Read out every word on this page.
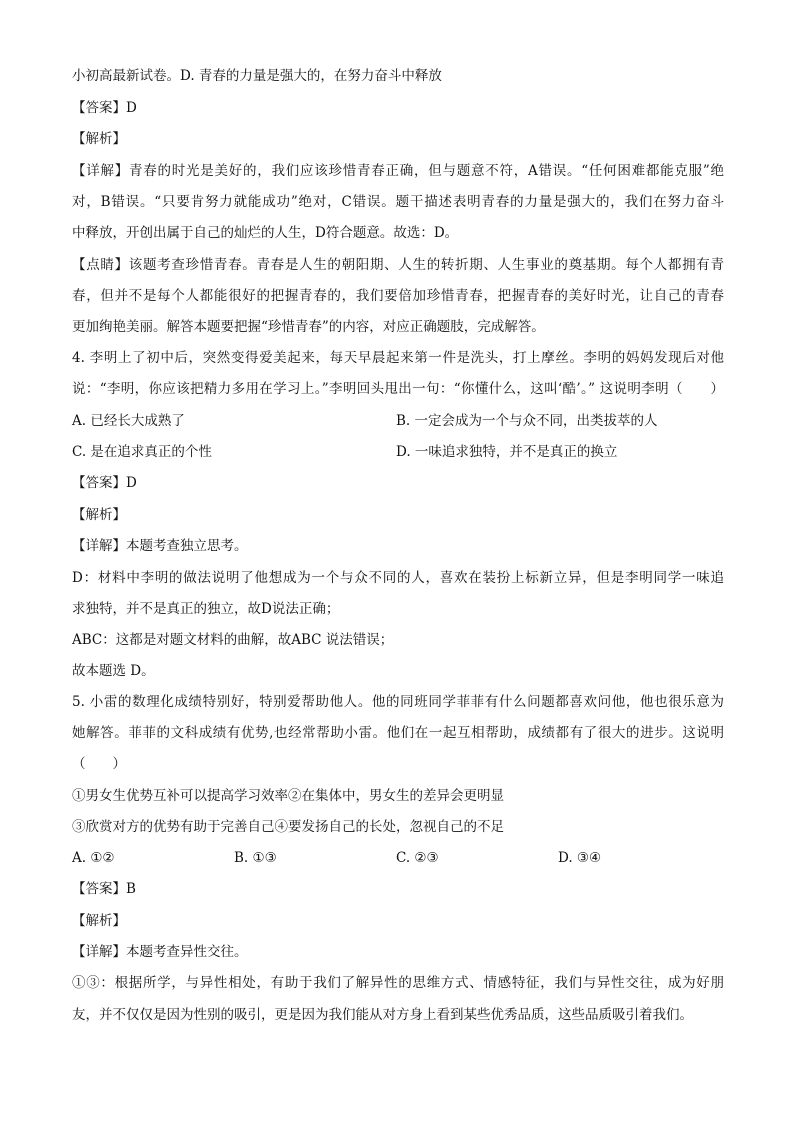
小初高最新试卷。D. 青春的力量是强大的，在努力奋斗中释放
【答案】D
【解析】
【详解】青春的时光是美好的，我们应该珍惜青春正确，但与题意不符，A错误。“任何困难都能克服”绝
对，B错误。“只要肯努力就能成功”绝对，C错误。题干描述表明青春的力量是强大的，我们在努力奋斗
中释放，开创出属于自己的灿烂的人生，D符合题意。故选：D。
【点睛】该题考查珍惜青春。青春是人生的朝阳期、人生的转折期、人生事业的奠基期。每个人都拥有青
春，但并不是每个人都能很好的把握青春的，我们要倍加珍惜青春，把握青春的美好时光，让自己的青春
更加绚艳美丽。解答本题要把握“珍惜青春”的内容，对应正确题肢，完成解答。
4. 李明上了初中后，突然变得爱美起来，每天早晨起来第一件是洗头，打上摩丝。李明的妈妈发现后对他
说：“李明，你应该把精力多用在学习上。”李明回头甩出一句：“你懂什么，这叫‘酷’。” 这说明李明（　　）
A. 已经长大成熟了	B. 一定会成为一个与众不同，出类拔萃的人
C. 是在追求真正的个性	D. 一味追求独特，并不是真正的换立
【答案】D
【解析】
【详解】本题考查独立思考。
D：材料中李明的做法说明了他想成为一个与众不同的人，喜欢在装扮上标新立异，但是李明同学一味追
求独特，并不是真正的独立，故D说法正确；
ABC：这都是对题文材料的曲解，故ABC 说法错误；
故本题选 D。
5. 小雷的数理化成绩特别好，特别爱帮助他人。他的同班同学菲菲有什么问题都喜欢问他，他也很乐意为
她解答。菲菲的文科成绩有优势,也经常帮助小雷。他们在一起互相帮助，成绩都有了很大的进步。这说明
（　　）
①男女生优势互补可以提高学习效率②在集体中，男女生的差异会更明显
③欣赏对方的优势有助于完善自己④要发扬自己的长处，忽视自己的不足
A. ①②	B. ①③	C. ②③	D. ③④
【答案】B
【解析】
【详解】本题考查异性交往。
①③：根据所学，与异性相处，有助于我们了解异性的思维方式、情感特征，我们与异性交往，成为好朋
友，并不仅仅是因为性别的吸引，更是因为我们能从对方身上看到某些优秀品质，这些品质吸引着我们。
